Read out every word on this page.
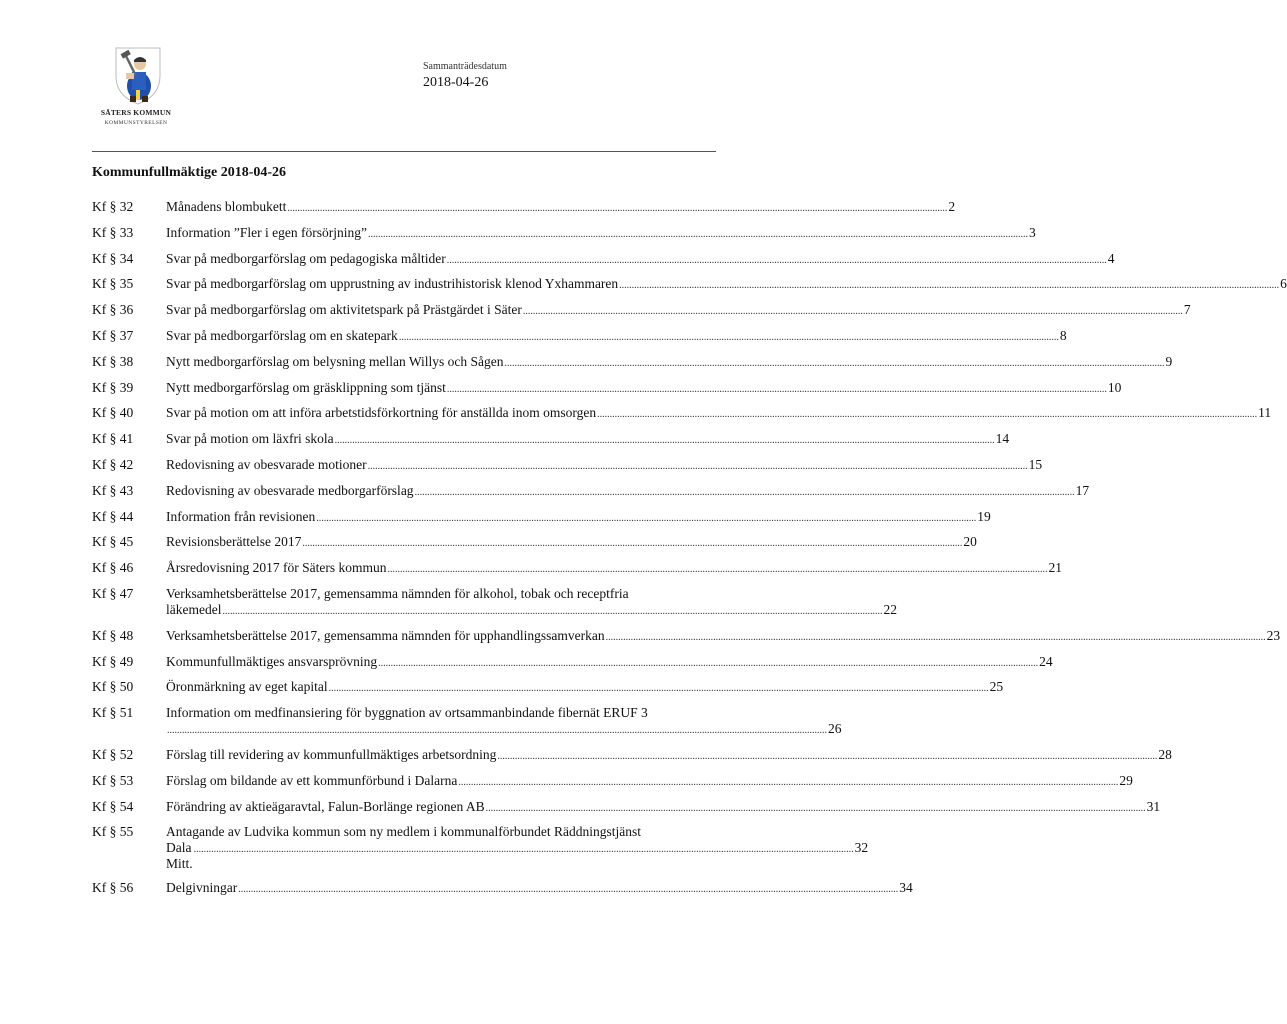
SÄTERS KOMMUN
KOMMUNSTYRELSEN
Sammanträdesdatum
2018-04-26
Kommunfullmäktige 2018-04-26
Kf § 32	Månadens blombukett .....	2
Kf § 33	Information ”Fler i egen försörjning” .....	3
Kf § 34	Svar på medborgarförslag om pedagogiska måltider .....	4
Kf § 35	Svar på medborgarförslag om upprustning av industrihistorisk klenod Yxhammaren .....	6
Kf § 36	Svar på medborgarförslag om aktivitetspark på Prästgärdet i Säter .....	7
Kf § 37	Svar på medborgarförslag om en skatepark .....	8
Kf § 38	Nytt medborgarförslag om belysning mellan Willys och Sågen .....	9
Kf § 39	Nytt medborgarförslag om gräsklippning som tjänst .....	10
Kf § 40	Svar på motion om att införa arbetstidsförkortning för anställda inom omsorgen .....	11
Kf § 41	Svar på motion om läxfri skola .....	14
Kf § 42	Redovisning av obesvarade motioner .....	15
Kf § 43	Redovisning av obesvarade medborgarförslag .....	17
Kf § 44	Information från revisionen .....	19
Kf § 45	Revisionsberättelse 2017 .....	20
Kf § 46	Årsredovisning 2017 för Säters kommun .....	21
Kf § 47	Verksamhetsberättelse 2017, gemensamma nämnden för alkohol, tobak och receptfria
läkemedel .....	22
Kf § 48	Verksamhetsberättelse 2017, gemensamma nämnden för upphandlingssamverkan .....	23
Kf § 49	Kommunfullmäktiges ansvarsprövning .....	24
Kf § 50	Öronmärkning av eget kapital .....	25
Kf § 51	Information om medfinansiering för byggnation av ortsammanbindande fibernät ERUF 3
.....
26
Kf § 52	Förslag till revidering av kommunfullmäktiges arbetsordning .....	28
Kf § 53	Förslag om bildande av ett kommunförbund i Dalarna .....	29
Kf § 54	Förändring av aktieägaravtal, Falun-Borlänge regionen AB .....	31
Kf § 55	Antagande av Ludvika kommun som ny medlem i kommunalförbundet Räddningstjänst
Dala Mitt.
.....
32
Kf § 56	Delgivningar .....	34
